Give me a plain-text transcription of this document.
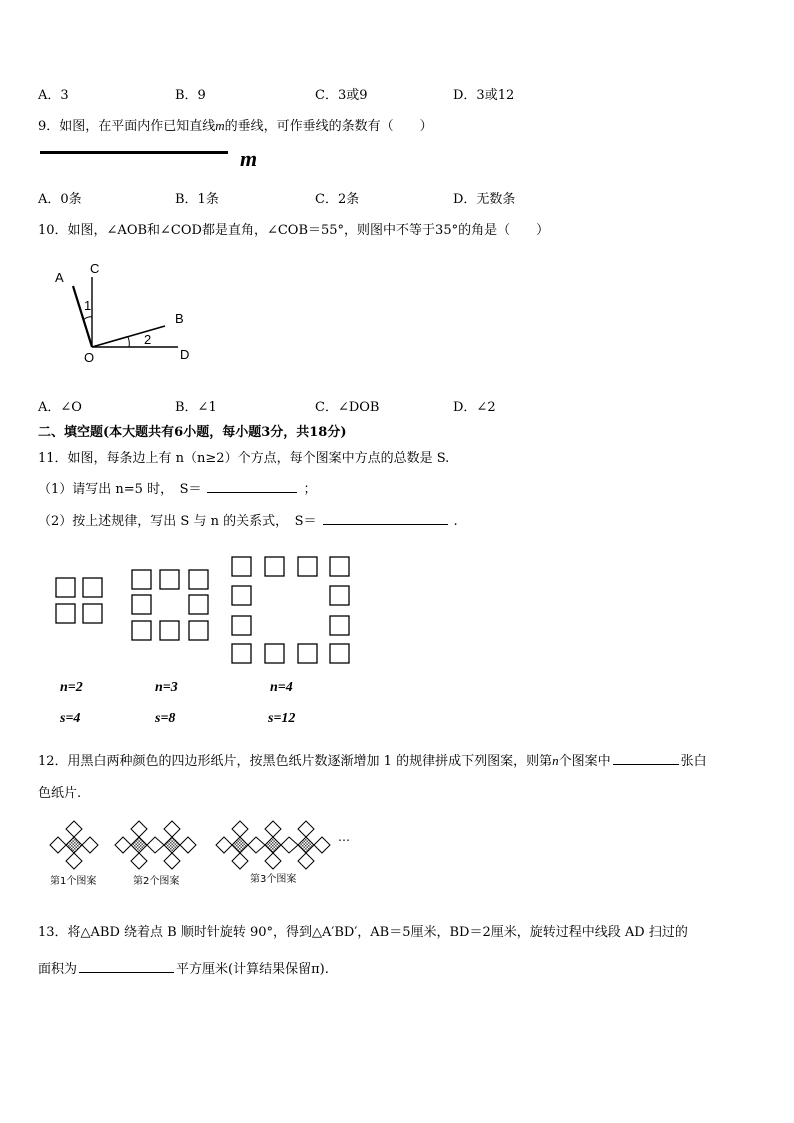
A．3	B．9	C．3或9	D．3或12
9．如图，在平面内作已知直线m的垂线，可作垂线的条数有（　　）
m
A．0条	B．1条	C．2条	D．无数条
10．如图，∠AOB和∠COD都是直角，∠COB＝55°，则图中不等于35°的角是（　　）
A
C
1
B
2
O	D
A．∠O	B．∠1	C．∠DOB	D．∠2
二、填空题(本大题共有6小题，每小题3分，共18分)
11．如图，每条边上有 n（n≥2）个方点，每个图案中方点的总数是 S.
（1）请写出 n=5 时，　S＝	；
（2）按上述规律，写出 S 与 n 的关系式，　S＝	.
n=2	n=3	n=4
s=4	s=8	s=12
12．用黑白两种颜色的四边形纸片，按黑色纸片数逐渐增加 1 的规律拼成下列图案，则第n个图案中	张白
色纸片.
…
第1个图案	第2个图案	第3个图案
13．将△ABD 绕着点 B 顺时针旋转 90°，得到△A′BD′，AB＝5厘米，BD＝2厘米，旋转过程中线段 AD 扫过的
面积为	平方厘米(计算结果保留π).
